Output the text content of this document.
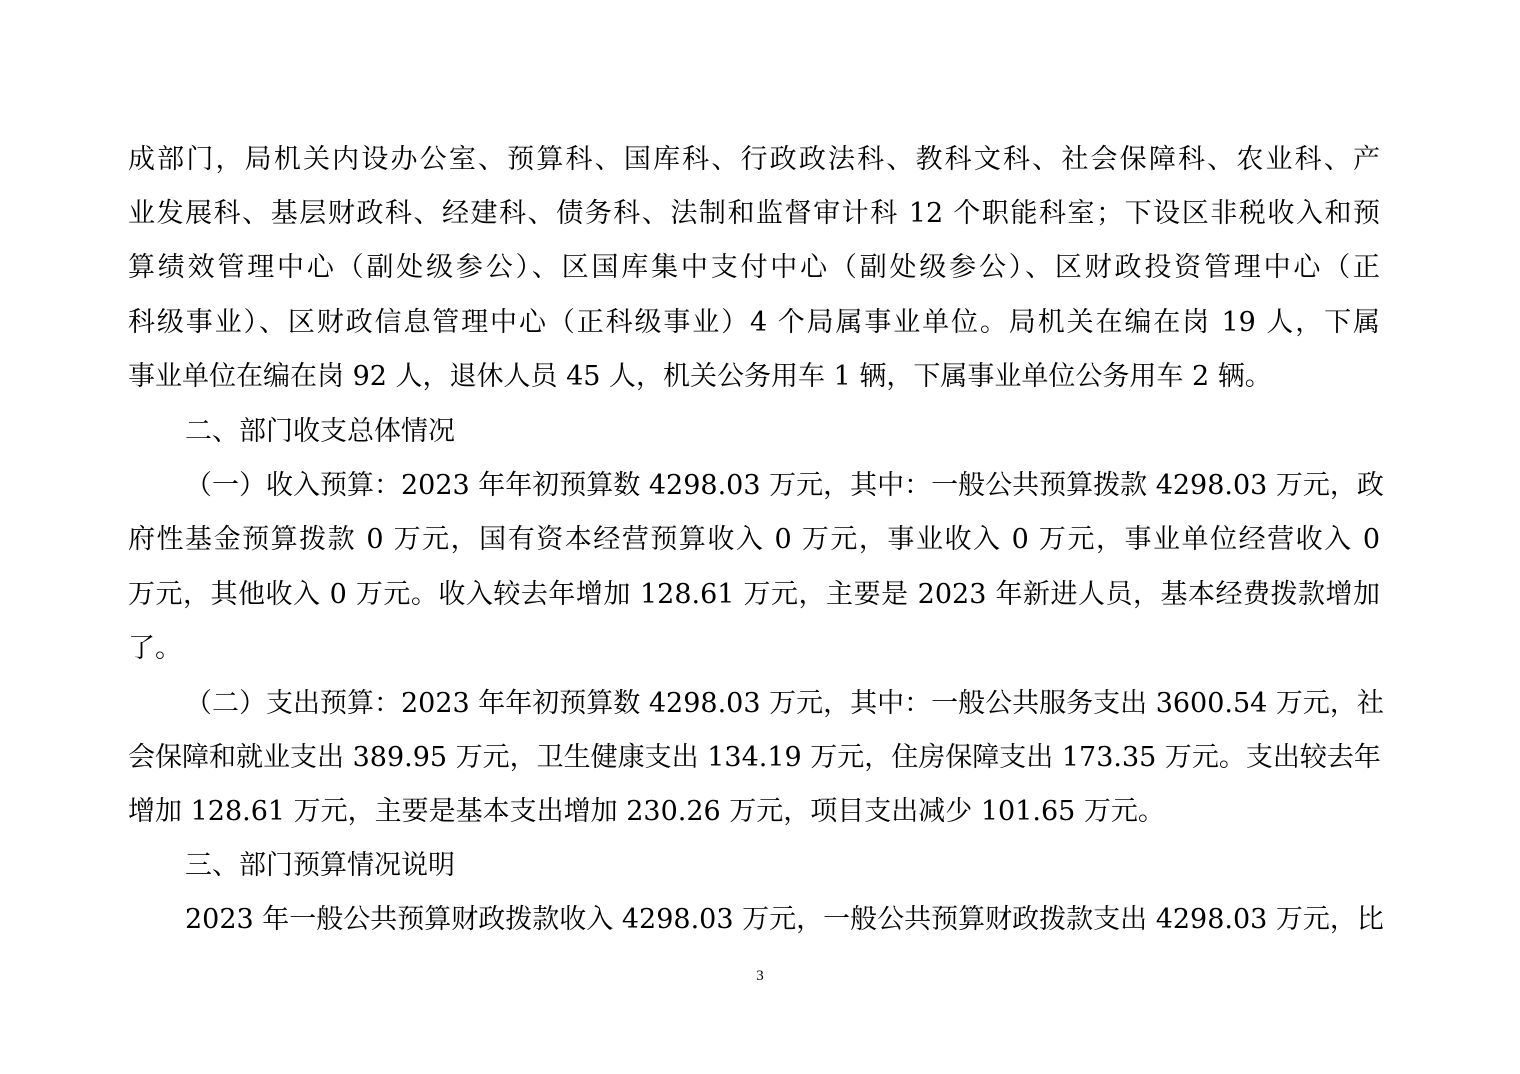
成部门，局机关内设办公室、预算科、国库科、行政政法科、教科文科、社会保障科、农业科、产
业发展科、基层财政科、经建科、债务科、法制和监督审计科 12 个职能科室；下设区非税收入和预
算绩效管理中心（副处级参公）、区国库集中支付中心（副处级参公）、区财政投资管理中心（正
科级事业）、区财政信息管理中心（正科级事业）4 个局属事业单位。局机关在编在岗 19 人，下属
事业单位在编在岗 92 人，退休人员 45 人，机关公务用车 1 辆，下属事业单位公务用车 2 辆。
二、部门收支总体情况
（一）收入预算：2023 年年初预算数 4298.03 万元，其中：一般公共预算拨款 4298.03 万元，政
府性基金预算拨款 0 万元，国有资本经营预算收入 0 万元，事业收入 0 万元，事业单位经营收入 0
万元，其他收入 0 万元。收入较去年增加 128.61 万元，主要是 2023 年新进人员，基本经费拨款增加
了。
（二）支出预算：2023 年年初预算数 4298.03 万元，其中：一般公共服务支出 3600.54 万元，社
会保障和就业支出 389.95 万元，卫生健康支出 134.19 万元，住房保障支出 173.35 万元。支出较去年
增加 128.61 万元，主要是基本支出增加 230.26 万元，项目支出减少 101.65 万元。
三、部门预算情况说明
2023 年一般公共预算财政拨款收入 4298.03 万元，一般公共预算财政拨款支出 4298.03 万元，比
3
